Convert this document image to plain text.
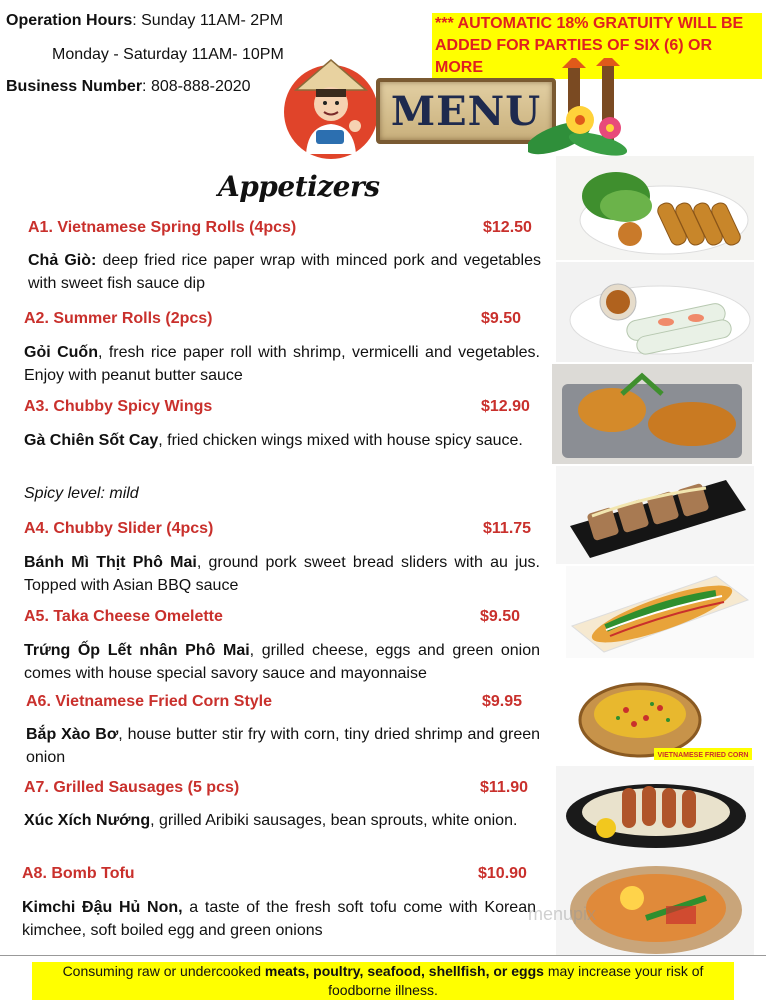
Operation Hours: Sunday 11AM- 2PM
Monday - Saturday 11AM- 10PM
Business Number: 808-888-2020
*** AUTOMATIC 18% GRATUITY WILL BE ADDED FOR PARTIES OF SIX (6) OR MORE
MENU
Appetizers
A1. Vietnamese Spring Rolls (4pcs)	$12.50
Chả Giò: deep fried rice paper wrap with minced pork and vegetables with sweet fish sauce dip
A2. Summer Rolls (2pcs)	$9.50
Gỏi Cuốn, fresh rice paper roll with shrimp, vermicelli and vegetables. Enjoy with peanut butter sauce
A3. Chubby Spicy Wings	$12.90
Gà Chiên Sốt Cay, fried chicken wings mixed with house spicy sauce.
Spicy level: mild
A4. Chubby Slider (4pcs)	$11.75
Bánh Mì Thịt Phô Mai, ground pork sweet bread sliders with au jus. Topped with Asian BBQ sauce
A5. Taka Cheese Omelette	$9.50
Trứng Ốp Lết nhân Phô Mai, grilled cheese, eggs and green onion comes with house special savory sauce and mayonnaise
A6. Vietnamese Fried Corn Style	$9.95
Bắp Xào Bơ, house butter stir fry with corn, tiny dried shrimp and green onion
A7. Grilled Sausages (5 pcs)	$11.90
Xúc Xích Nướng, grilled Aribiki sausages, bean sprouts, white onion.
A8. Bomb Tofu	$10.90
Kimchi Đậu Hủ Non, a taste of the fresh soft tofu come with Korean kimchee, soft boiled egg and green onions
VIETNAMESE FRIED CORN
menupix
Consuming raw or undercooked meats, poultry, seafood, shellfish, or eggs may increase your risk of foodborne illness.
